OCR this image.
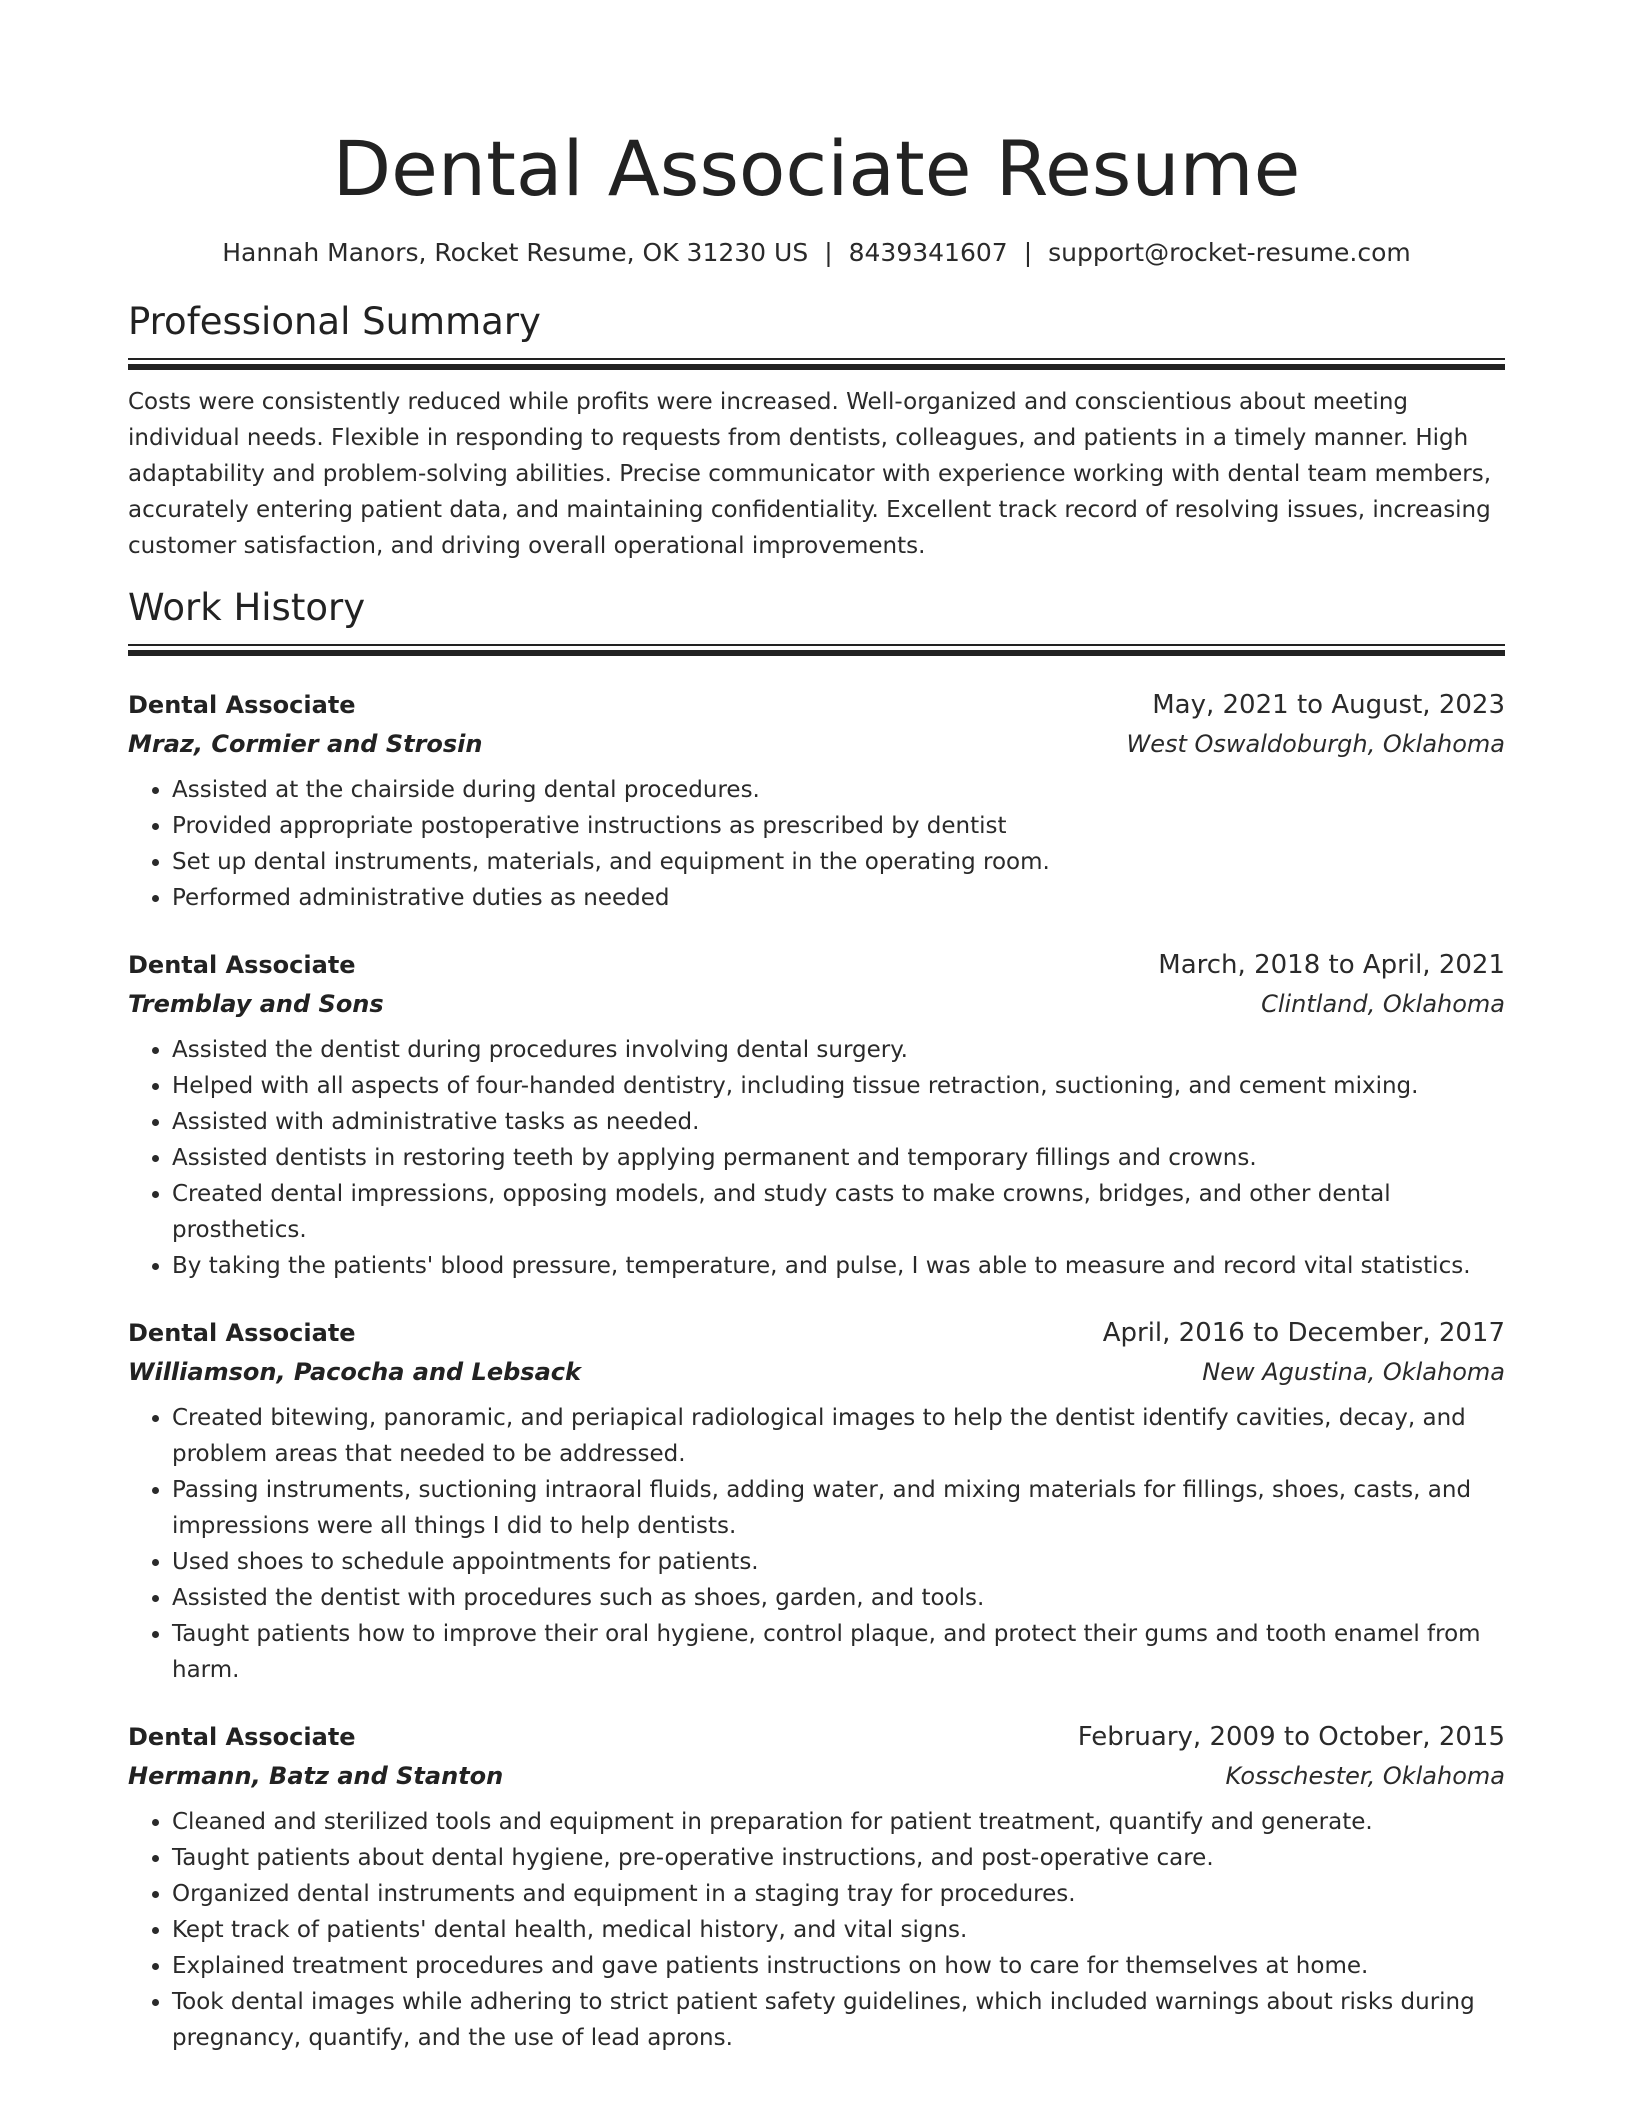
Dental Associate Resume
Hannah Manors, Rocket Resume, OK 31230 US | 8439341607 | support@rocket-resume.com
Professional Summary

Costs were consistently reduced while profits were increased. Well-organized and conscientious about meeting individual needs. Flexible in responding to requests from dentists, colleagues, and patients in a timely manner. High adaptability and problem-solving abilities. Precise communicator with experience working with dental team members, accurately entering patient data, and maintaining confidentiality. Excellent track record of resolving issues, increasing customer satisfaction, and driving overall operational improvements.

Work History
Dental Associate	May, 2021 to August, 2023
Mraz, Cormier and Strosin	West Oswaldoburgh, Oklahoma
• Assisted at the chairside during dental procedures.
• Provided appropriate postoperative instructions as prescribed by dentist
• Set up dental instruments, materials, and equipment in the operating room.
• Performed administrative duties as needed
Dental Associate	March, 2018 to April, 2021
Tremblay and Sons	Clintland, Oklahoma
• Assisted the dentist during procedures involving dental surgery.
• Helped with all aspects of four-handed dentistry, including tissue retraction, suctioning, and cement mixing.
• Assisted with administrative tasks as needed.
• Assisted dentists in restoring teeth by applying permanent and temporary fillings and crowns.
• Created dental impressions, opposing models, and study casts to make crowns, bridges, and other dental prosthetics.
• By taking the patients' blood pressure, temperature, and pulse, I was able to measure and record vital statistics.
Dental Associate	April, 2016 to December, 2017
Williamson, Pacocha and Lebsack	New Agustina, Oklahoma
• Created bitewing, panoramic, and periapical radiological images to help the dentist identify cavities, decay, and problem areas that needed to be addressed.
• Passing instruments, suctioning intraoral fluids, adding water, and mixing materials for fillings, shoes, casts, and impressions were all things I did to help dentists.
• Used shoes to schedule appointments for patients.
• Assisted the dentist with procedures such as shoes, garden, and tools.
• Taught patients how to improve their oral hygiene, control plaque, and protect their gums and tooth enamel from harm.
Dental Associate	February, 2009 to October, 2015
Hermann, Batz and Stanton	Kosschester, Oklahoma
• Cleaned and sterilized tools and equipment in preparation for patient treatment, quantify and generate.
• Taught patients about dental hygiene, pre-operative instructions, and post-operative care.
• Organized dental instruments and equipment in a staging tray for procedures.
• Kept track of patients' dental health, medical history, and vital signs.
• Explained treatment procedures and gave patients instructions on how to care for themselves at home.
• Took dental images while adhering to strict patient safety guidelines, which included warnings about risks during pregnancy, quantify, and the use of lead aprons.
